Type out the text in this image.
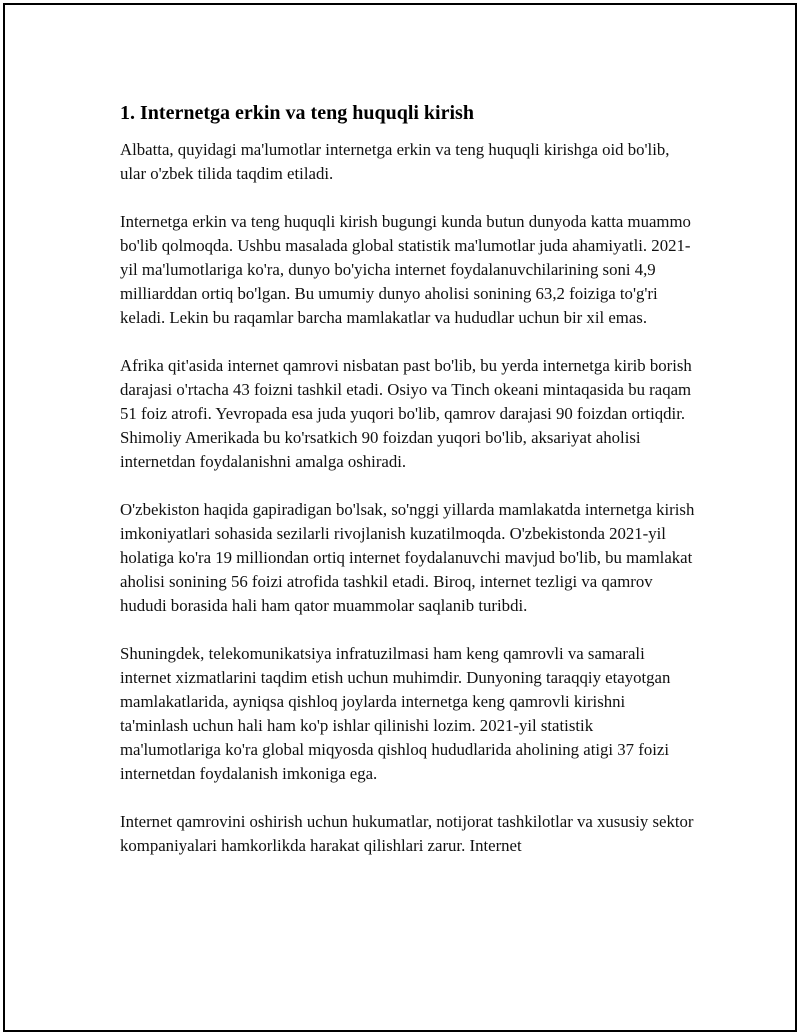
1. Internetga erkin va teng huquqli kirish

Albatta, quyidagi ma'lumotlar internetga erkin va teng huquqli kirishga oid bo'lib, ular o'zbek tilida taqdim etiladi.

Internetga erkin va teng huquqli kirish bugungi kunda butun dunyoda katta muammo bo'lib qolmoqda. Ushbu masalada global statistik ma'lumotlar juda ahamiyatli. 2021-yil ma'lumotlariga ko'ra, dunyo bo'yicha internet foydalanuvchilarining soni 4,9 milliarddan ortiq bo'lgan. Bu umumiy dunyo aholisi sonining 63,2 foiziga to'g'ri keladi. Lekin bu raqamlar barcha mamlakatlar va hududlar uchun bir xil emas.

Afrika qit'asida internet qamrovi nisbatan past bo'lib, bu yerda internetga kirib borish darajasi o'rtacha 43 foizni tashkil etadi. Osiyo va Tinch okeani mintaqasida bu raqam 51 foiz atrofi. Yevropada esa juda yuqori bo'lib, qamrov darajasi 90 foizdan ortiqdir. Shimoliy Amerikada bu ko'rsatkich 90 foizdan yuqori bo'lib, aksariyat aholisi internetdan foydalanishni amalga oshiradi.

O'zbekiston haqida gapiradigan bo'lsak, so'nggi yillarda mamlakatda internetga kirish imkoniyatlari sohasida sezilarli rivojlanish kuzatilmoqda. O'zbekistonda 2021-yil holatiga ko'ra 19 milliondan ortiq internet foydalanuvchi mavjud bo'lib, bu mamlakat aholisi sonining 56 foizi atrofida tashkil etadi. Biroq, internet tezligi va qamrov hududi borasida hali ham qator muammolar saqlanib turibdi.

Shuningdek, telekomunikatsiya infratuzilmasi ham keng qamrovli va samarali internet xizmatlarini taqdim etish uchun muhimdir. Dunyoning taraqqiy etayotgan mamlakatlarida, ayniqsa qishloq joylarda internetga keng qamrovli kirishni ta'minlash uchun hali ham ko'p ishlar qilinishi lozim. 2021-yil statistik ma'lumotlariga ko'ra global miqyosda qishloq hududlarida aholining atigi 37 foizi internetdan foydalanish imkoniga ega.

Internet qamrovini oshirish uchun hukumatlar, notijorat tashkilotlar va xususiy sektor kompaniyalari hamkorlikda harakat qilishlari zarur. Internet
